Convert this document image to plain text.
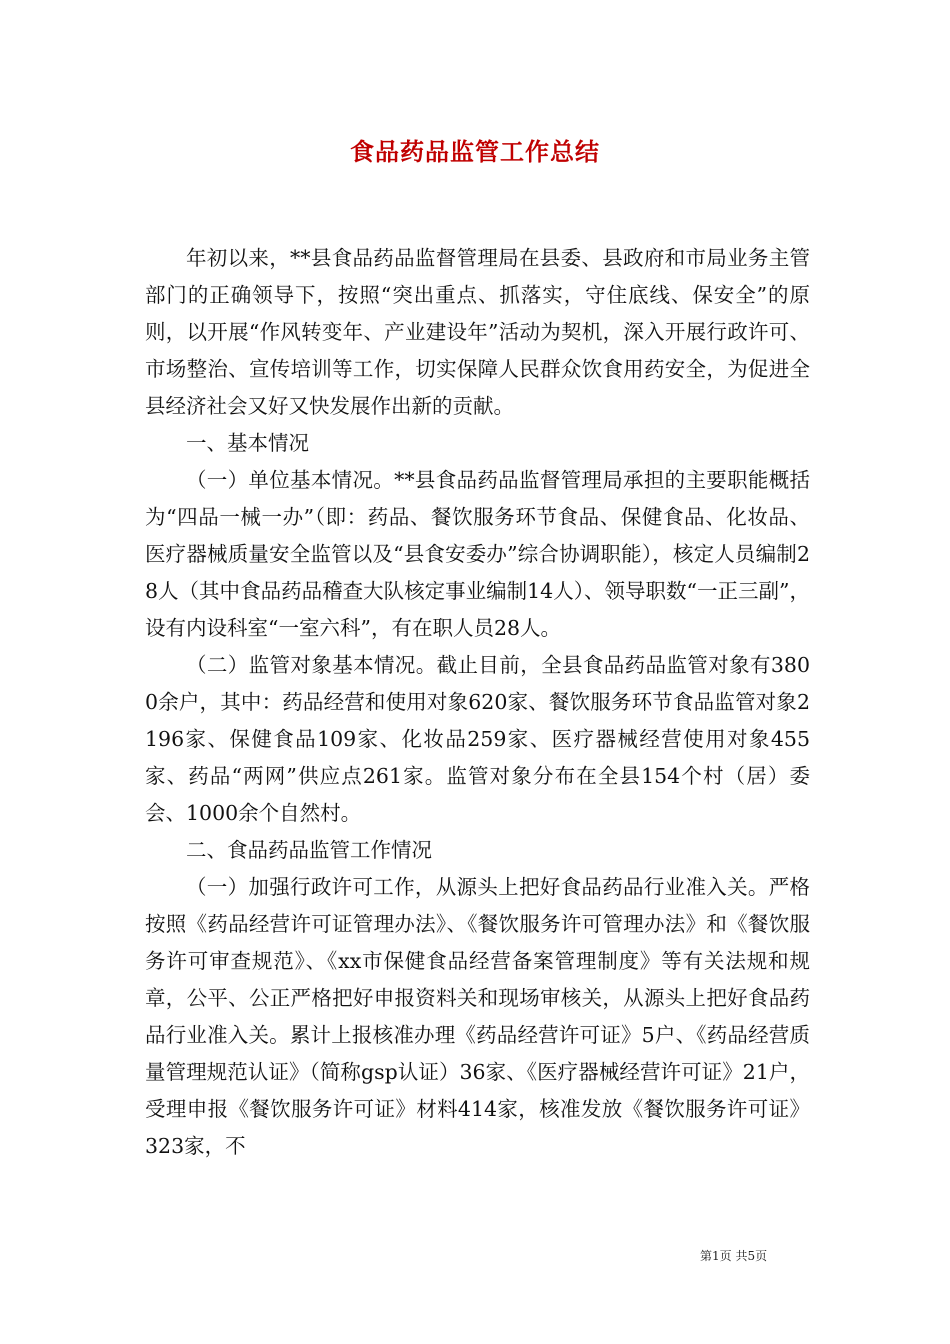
食品药品监管工作总结

年初以来，**县食品药品监督管理局在县委、县政府和市局业务主管部门的正确领导下，按照“突出重点、抓落实，守住底线、保安全”的原则，以开展“作风转变年、产业建设年”活动为契机，深入开展行政许可、市场整治、宣传培训等工作，切实保障人民群众饮食用药安全，为促进全县经济社会又好又快发展作出新的贡献。

一、基本情况

（一）单位基本情况。**县食品药品监督管理局承担的主要职能概括为“四品一械一办”（即：药品、餐饮服务环节食品、保健食品、化妆品、医疗器械质量安全监管以及“县食安委办”综合协调职能），核定人员编制28人（其中食品药品稽查大队核定事业编制14人）、领导职数“一正三副”，设有内设科室“一室六科”，有在职人员28人。

（二）监管对象基本情况。截止目前，全县食品药品监管对象有3800余户，其中：药品经营和使用对象620家、餐饮服务环节食品监管对象2196家、保健食品109家、化妆品259家、医疗器械经营使用对象455家、药品“两网”供应点261家。监管对象分布在全县154个村（居）委会、1000余个自然村。

二、食品药品监管工作情况

（一）加强行政许可工作，从源头上把好食品药品行业准入关。严格按照《药品经营许可证管理办法》、《餐饮服务许可管理办法》和《餐饮服务许可审查规范》、《xx市保健食品经营备案管理制度》等有关法规和规章，公平、公正严格把好申报资料关和现场审核关，从源头上把好食品药品行业准入关。累计上报核准办理《药品经营许可证》5户、《药品经营质量管理规范认证》（简称gsp认证）36家、《医疗器械经营许可证》21户，受理申报《餐饮服务许可证》材料414家，核准发放《餐饮服务许可证》323家，不

第1页 共5页
